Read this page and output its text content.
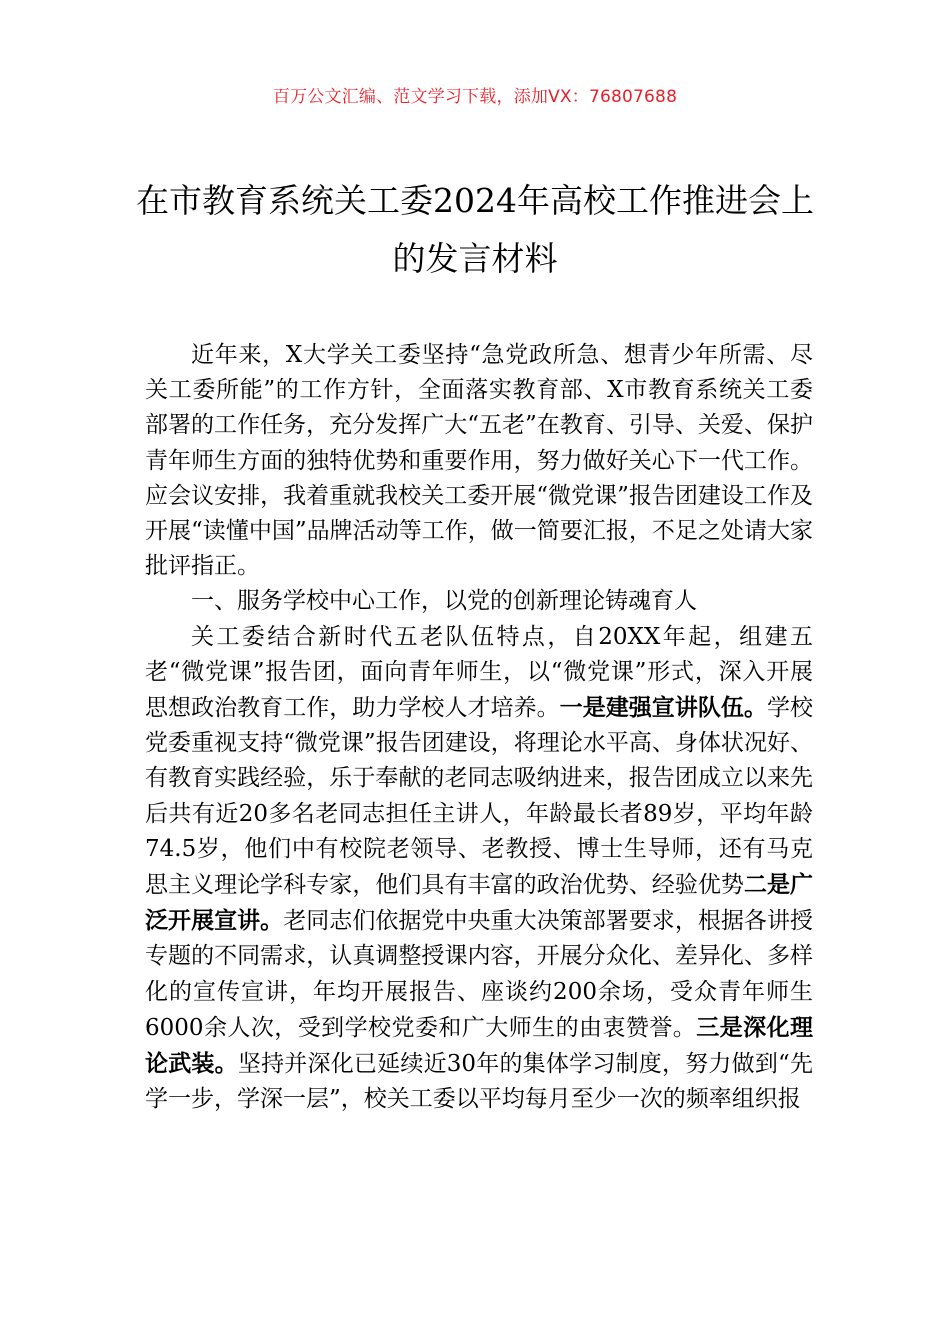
百万公文汇编、范文学习下载，添加VX：76807688
在市教育系统关工委2024年高校工作推进会上的发言材料

近年来，X大学关工委坚持“急党政所急、想青少年所需、尽关工委所能”的工作方针，全面落实教育部、X市教育系统关工委部署的工作任务，充分发挥广大“五老”在教育、引导、关爱、保护青年师生方面的独特优势和重要作用，努力做好关心下一代工作。应会议安排，我着重就我校关工委开展“微党课”报告团建设工作及开展“读懂中国”品牌活动等工作，做一简要汇报，不足之处请大家批评指正。

一、服务学校中心工作，以党的创新理论铸魂育人

关工委结合新时代五老队伍特点，自20XX年起，组建五老“微党课”报告团，面向青年师生，以“微党课”形式，深入开展思想政治教育工作，助力学校人才培养。一是建强宣讲队伍。学校党委重视支持“微党课”报告团建设，将理论水平高、身体状况好、有教育实践经验，乐于奉献的老同志吸纳进来，报告团成立以来先后共有近20多名老同志担任主讲人，年龄最长者89岁，平均年龄74.5岁，他们中有校院老领导、老教授、博士生导师，还有马克思主义理论学科专家，他们具有丰富的政治优势、经验优势二是广泛开展宣讲。老同志们依据党中央重大决策部署要求，根据各讲授专题的不同需求，认真调整授课内容，开展分众化、差异化、多样化的宣传宣讲，年均开展报告、座谈约200余场，受众青年师生6000余人次，受到学校党委和广大师生的由衷赞誉。三是深化理论武装。坚持并深化已延续近30年的集体学习制度，努力做到“先学一步，学深一层”，校关工委以平均每月至少一次的频率组织报
